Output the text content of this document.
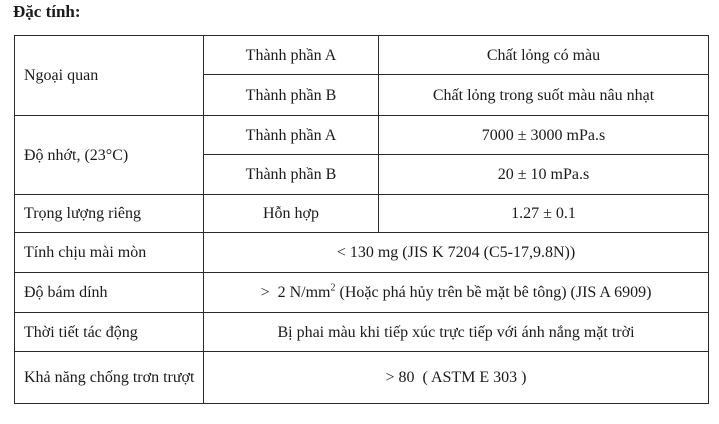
Đặc tính:
Ngoại quan	Thành phần A	Chất lỏng có màu
	Thành phần B	Chất lỏng trong suốt màu nâu nhạt
Độ nhớt, (23°C)	Thành phần A	7000 ± 3000 mPa.s
	Thành phần B	20 ± 10 mPa.s
Trọng lượng riêng	Hỗn hợp	1.27 ± 0.1
Tính chịu mài mòn	< 130 mg (JIS K 7204 (C5-17,9.8N))	
Độ bám dính	>  2 $N/mm^2$ (Hoặc phá hủy trên bề mặt bê tông) (JIS A 6909)	
Thời tiết tác động	Bị phai màu khi tiếp xúc trực tiếp với ánh nắng mặt trời	
Khả năng chống trơn trượt	> 80  ( ASTM E 303 )	
